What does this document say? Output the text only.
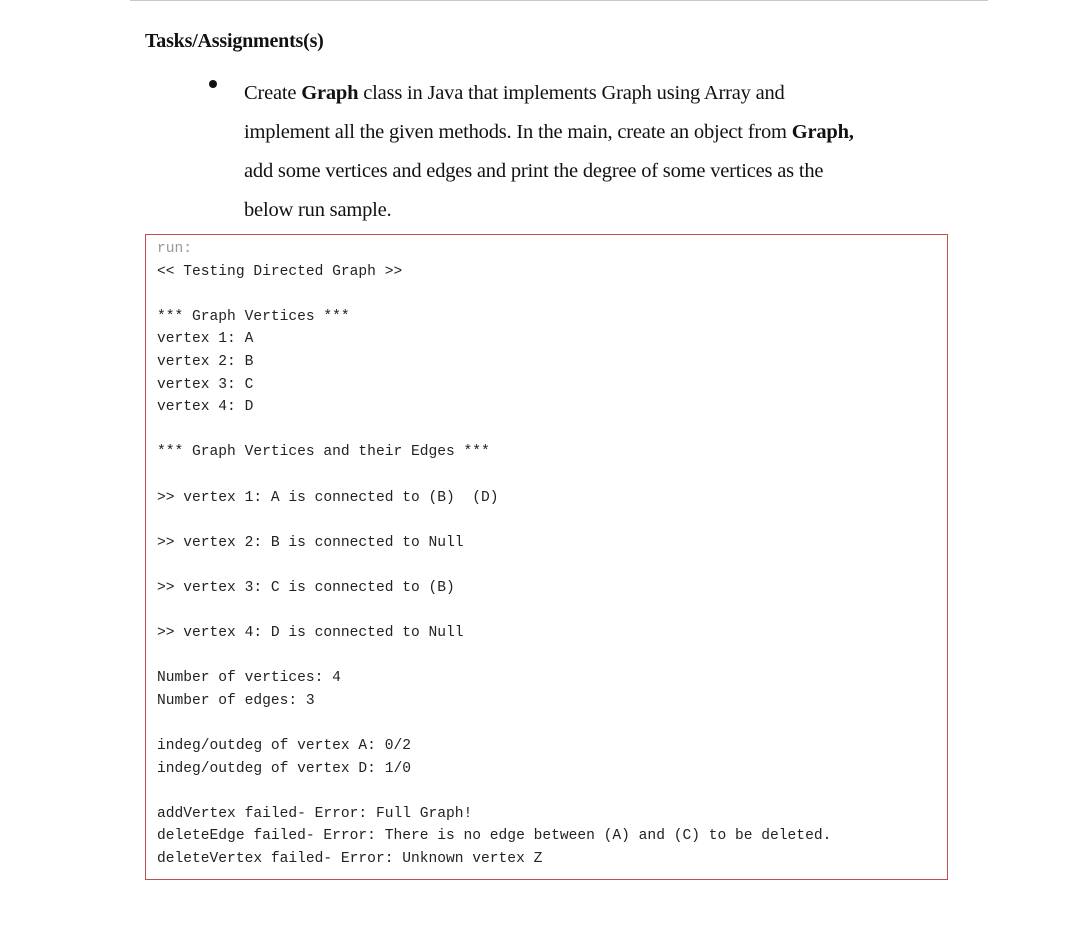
Tasks/Assignments(s)
Create Graph class in Java that implements Graph using Array and
implement all the given methods. In the main, create an object from Graph,
add some vertices and edges and print the degree of some vertices as the
below run sample.
run:
<< Testing Directed Graph >>
*** Graph Vertices ***
vertex 1: A
vertex 2: B
vertex 3: C
vertex 4: D
*** Graph Vertices and their Edges ***
>> vertex 1: A is connected to (B)  (D)
>> vertex 2: B is connected to Null
>> vertex 3: C is connected to (B)
>> vertex 4: D is connected to Null
Number of vertices: 4
Number of edges: 3
indeg/outdeg of vertex A: 0/2
indeg/outdeg of vertex D: 1/0
addVertex failed- Error: Full Graph!
deleteEdge failed- Error: There is no edge between (A) and (C) to be deleted.
deleteVertex failed- Error: Unknown vertex Z
